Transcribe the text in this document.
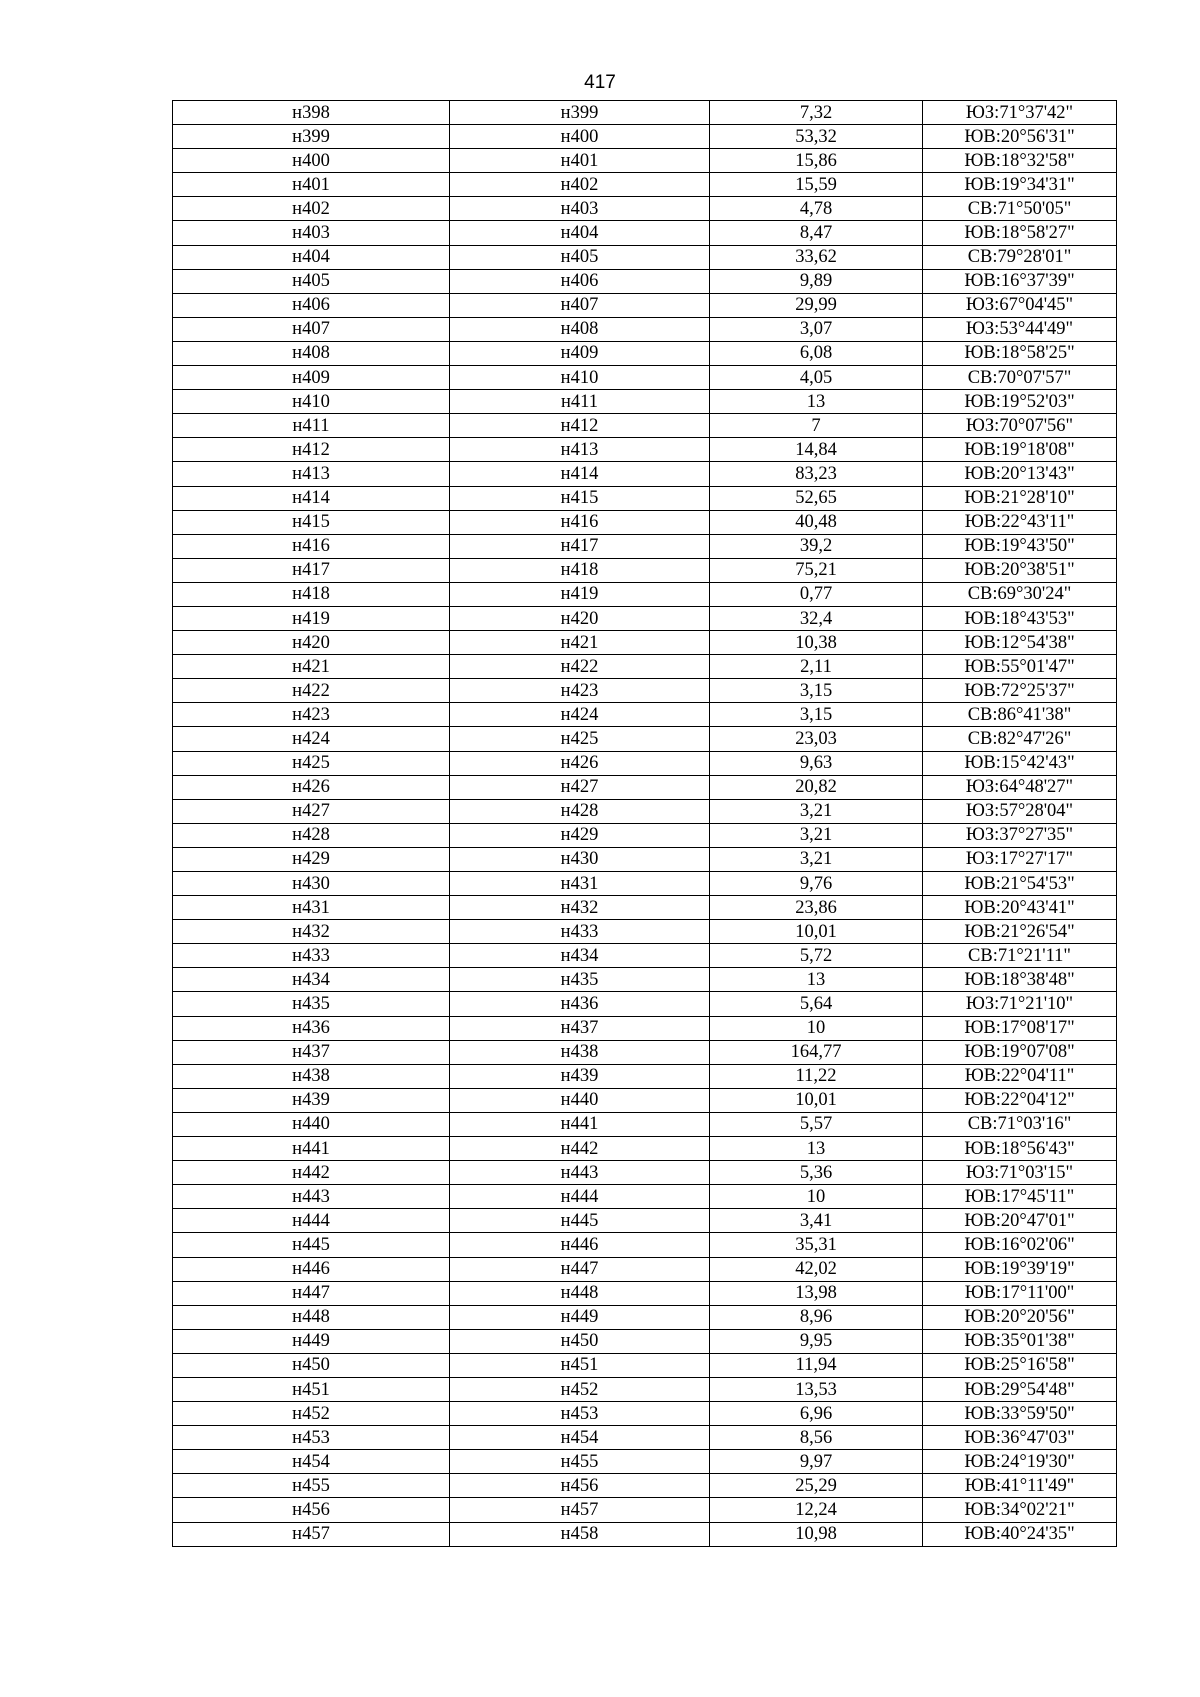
417
н398	н399	7,32	ЮЗ:71°37'42"
н399	н400	53,32	ЮВ:20°56'31"
н400	н401	15,86	ЮВ:18°32'58"
н401	н402	15,59	ЮВ:19°34'31"
н402	н403	4,78	СВ:71°50'05"
н403	н404	8,47	ЮВ:18°58'27"
н404	н405	33,62	СВ:79°28'01"
н405	н406	9,89	ЮВ:16°37'39"
н406	н407	29,99	ЮЗ:67°04'45"
н407	н408	3,07	ЮЗ:53°44'49"
н408	н409	6,08	ЮВ:18°58'25"
н409	н410	4,05	СВ:70°07'57"
н410	н411	13	ЮВ:19°52'03"
н411	н412	7	ЮЗ:70°07'56"
н412	н413	14,84	ЮВ:19°18'08"
н413	н414	83,23	ЮВ:20°13'43"
н414	н415	52,65	ЮВ:21°28'10"
н415	н416	40,48	ЮВ:22°43'11"
н416	н417	39,2	ЮВ:19°43'50"
н417	н418	75,21	ЮВ:20°38'51"
н418	н419	0,77	СВ:69°30'24"
н419	н420	32,4	ЮВ:18°43'53"
н420	н421	10,38	ЮВ:12°54'38"
н421	н422	2,11	ЮВ:55°01'47"
н422	н423	3,15	ЮВ:72°25'37"
н423	н424	3,15	СВ:86°41'38"
н424	н425	23,03	СВ:82°47'26"
н425	н426	9,63	ЮВ:15°42'43"
н426	н427	20,82	ЮЗ:64°48'27"
н427	н428	3,21	ЮЗ:57°28'04"
н428	н429	3,21	ЮЗ:37°27'35"
н429	н430	3,21	ЮЗ:17°27'17"
н430	н431	9,76	ЮВ:21°54'53"
н431	н432	23,86	ЮВ:20°43'41"
н432	н433	10,01	ЮВ:21°26'54"
н433	н434	5,72	СВ:71°21'11"
н434	н435	13	ЮВ:18°38'48"
н435	н436	5,64	ЮЗ:71°21'10"
н436	н437	10	ЮВ:17°08'17"
н437	н438	164,77	ЮВ:19°07'08"
н438	н439	11,22	ЮВ:22°04'11"
н439	н440	10,01	ЮВ:22°04'12"
н440	н441	5,57	СВ:71°03'16"
н441	н442	13	ЮВ:18°56'43"
н442	н443	5,36	ЮЗ:71°03'15"
н443	н444	10	ЮВ:17°45'11"
н444	н445	3,41	ЮВ:20°47'01"
н445	н446	35,31	ЮВ:16°02'06"
н446	н447	42,02	ЮВ:19°39'19"
н447	н448	13,98	ЮВ:17°11'00"
н448	н449	8,96	ЮВ:20°20'56"
н449	н450	9,95	ЮВ:35°01'38"
н450	н451	11,94	ЮВ:25°16'58"
н451	н452	13,53	ЮВ:29°54'48"
н452	н453	6,96	ЮВ:33°59'50"
н453	н454	8,56	ЮВ:36°47'03"
н454	н455	9,97	ЮВ:24°19'30"
н455	н456	25,29	ЮВ:41°11'49"
н456	н457	12,24	ЮВ:34°02'21"
н457	н458	10,98	ЮВ:40°24'35"
